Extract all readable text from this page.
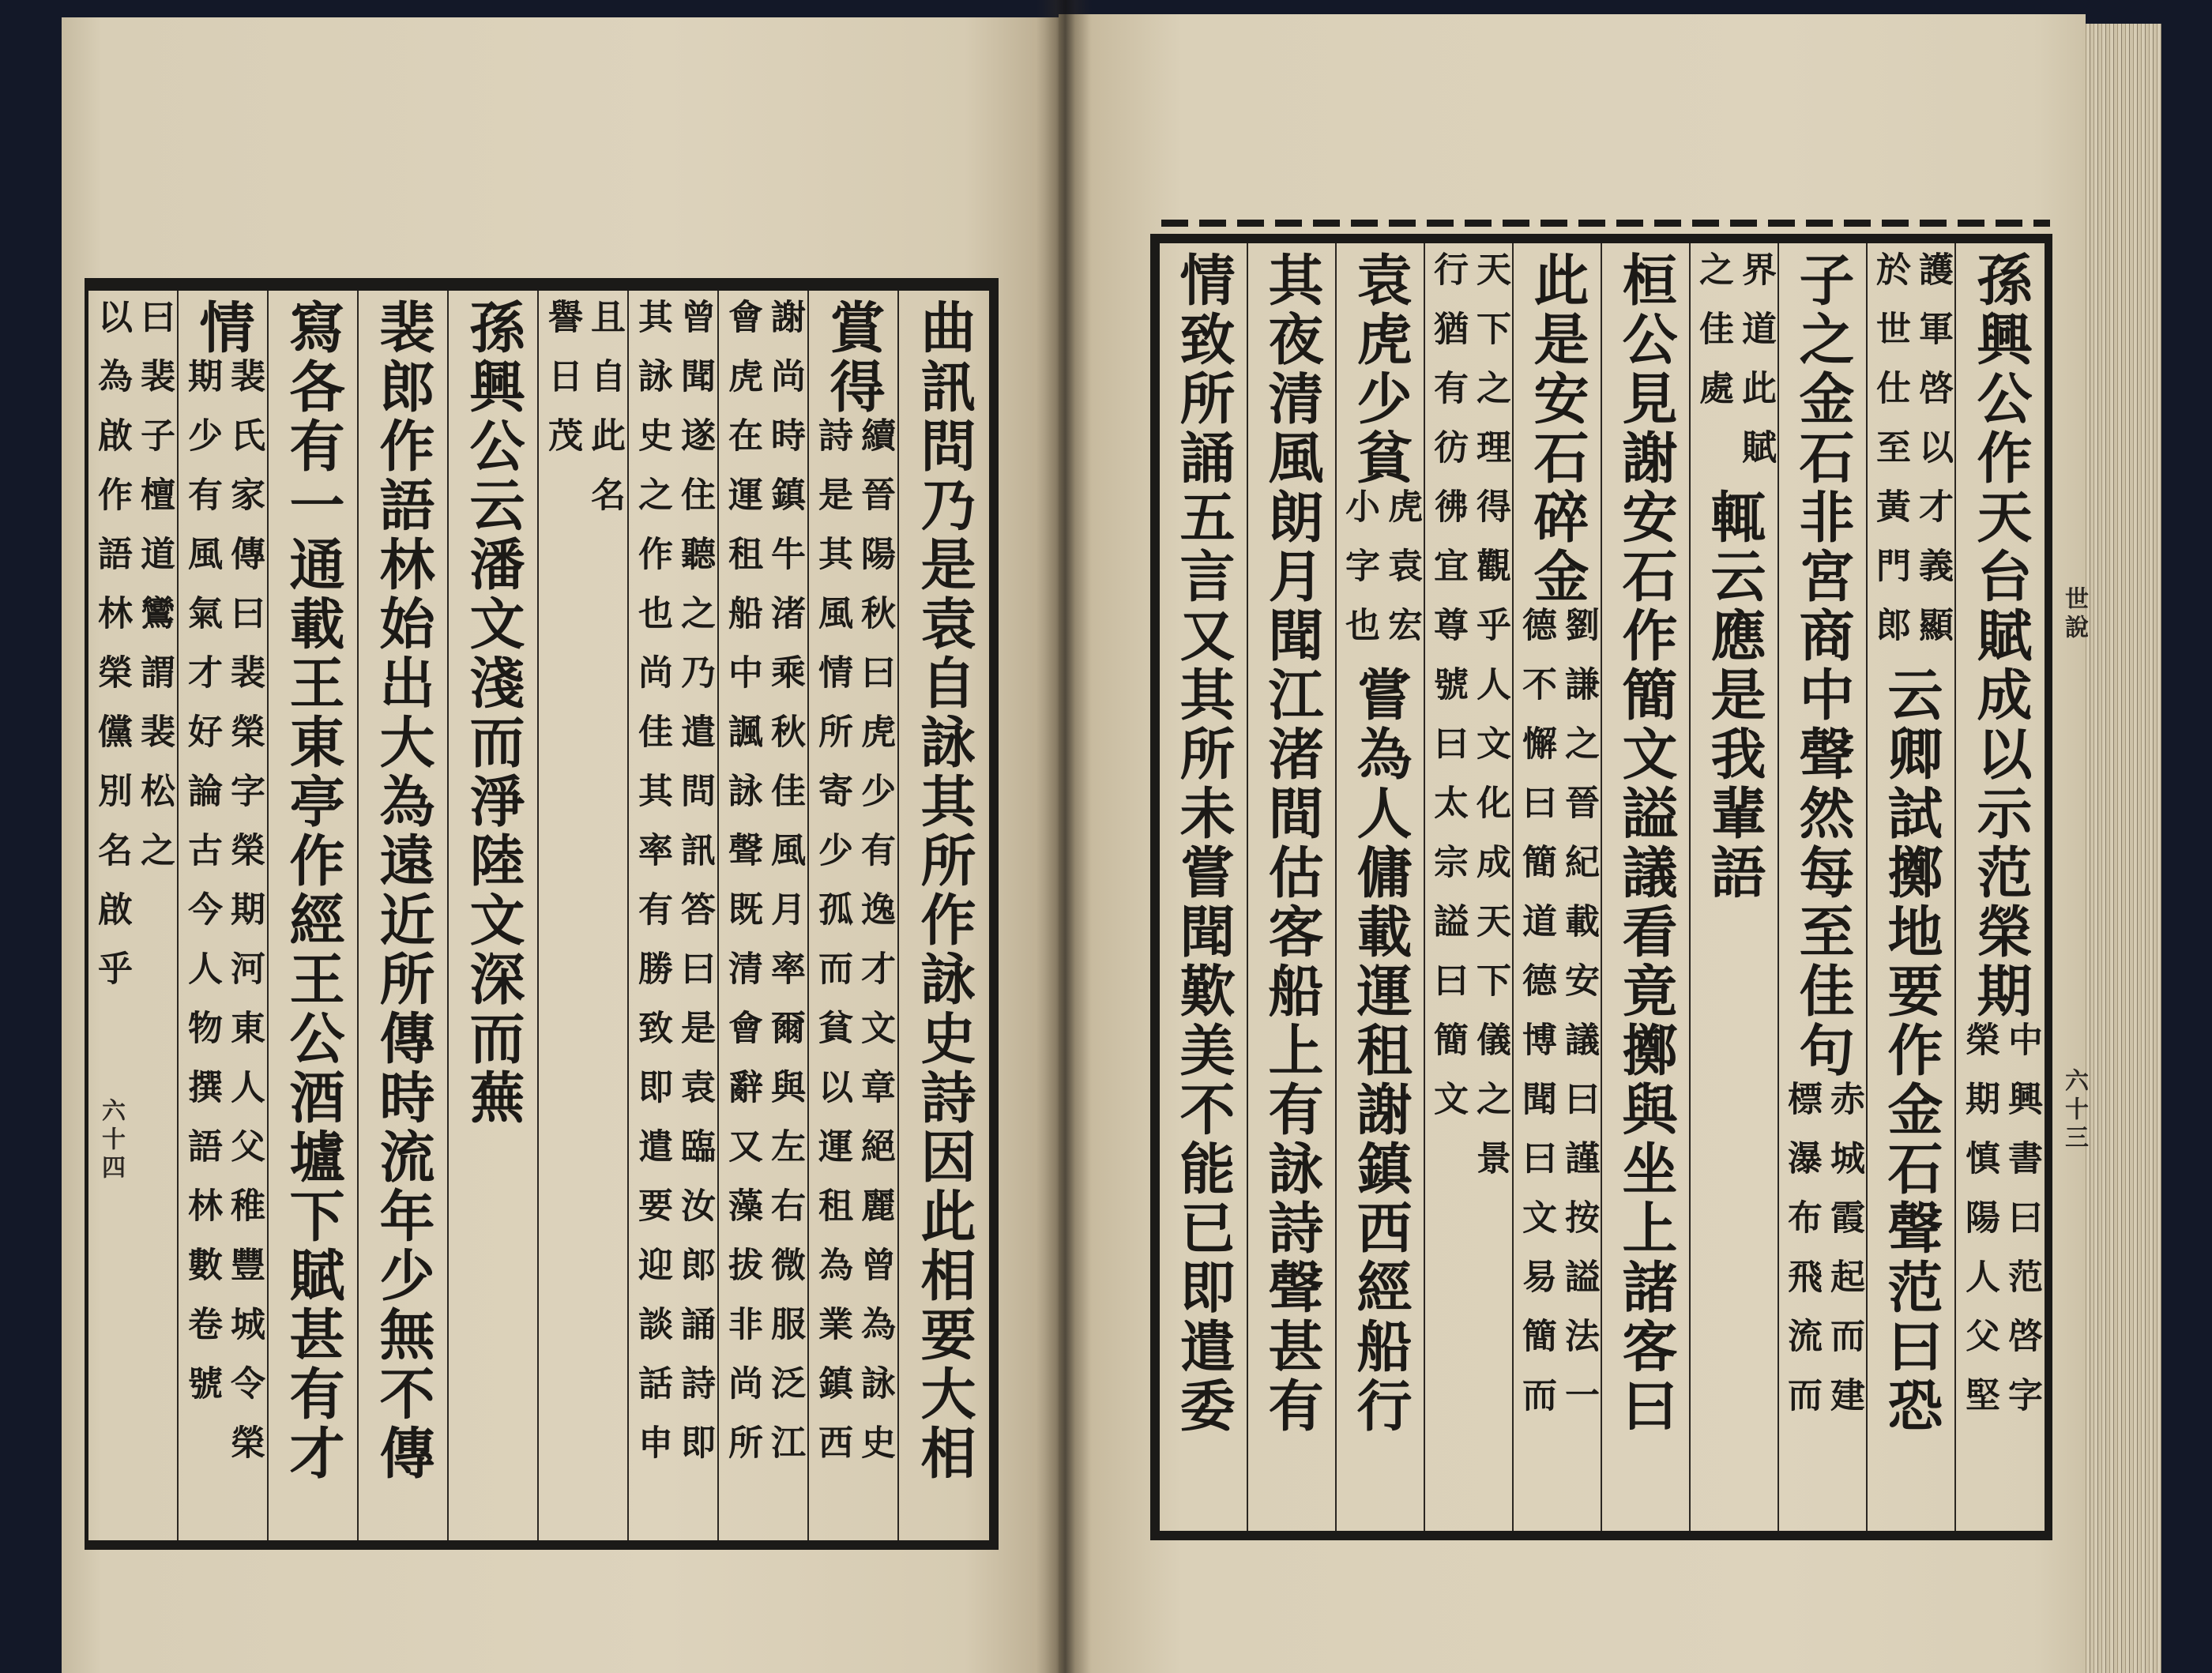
孫興公作天台賦成以示范榮期
中興書曰范啓字
榮期慎陽人父堅
護軍啓以才義顯
於世仕至黃門郎
云卿試擲地要作金石聲范曰恐
子之金石非宮商中聲然每至佳句
赤城霞起而建
標瀑布飛流而
界道此賦
之佳處
輒云應是我輩語
桓公見謝安石作簡文謚議看竟擲與坐上諸客曰
此是安石碎金
劉謙之晉紀載安議曰謹按謚法一
德不懈曰簡道德博聞曰文易簡而
天下之理得觀乎人文化成天下儀之景
行猶有彷彿宜尊號曰太宗謚曰簡文
袁虎少貧
虎袁宏
小字也
嘗為人傭載運租謝鎮西經船行
其夜清風朗月聞江渚間估客船上有詠詩聲甚有
情致所誦五言又其所未嘗聞歎美不能已即遣委	世說
六十三
曲訊問乃是袁自詠其所作詠史詩因此相要大相
賞得
續晉陽秋曰虎少有逸才文章絕麗曾為詠史
詩是其風情所寄少孤而貧以運租為業鎮西
謝尚時鎮牛渚乘秋佳風月率爾與左右微服泛江
會虎在運租船中諷詠聲既清會辭又藻拔非尚所
曾聞遂住聽之乃遣問訊答曰是袁臨汝郎誦詩即
其詠史之作也尚佳其率有勝致即遣要迎談話申
且自此名
譽日茂
孫興公云潘文淺而淨陸文深而蕪
裴郎作語林始出大為遠近所傳時流年少無不傳
寫各有一通載王東亭作經王公酒壚下賦甚有才
情
裴氏家傳曰裴榮字榮期河東人父稚豐城令榮
期少有風氣才好論古今人物撰語林數卷號
曰裴子檀道鸞謂裴松之
以為啟作語林榮儻別名啟乎
六十四
